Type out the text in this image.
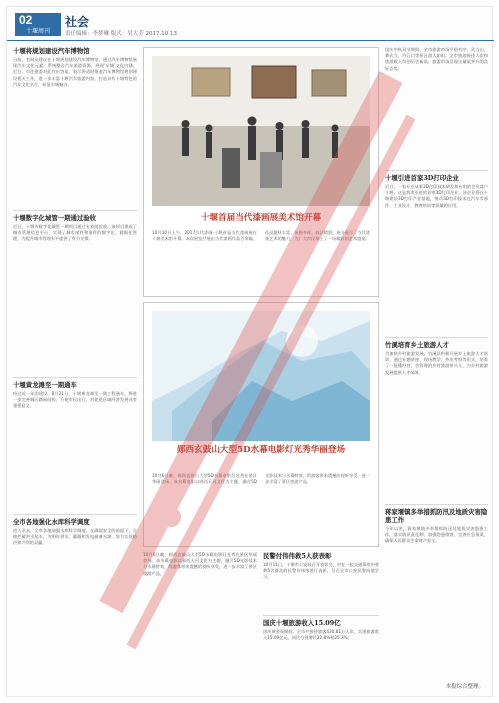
02
十堰周刊
社会
责任编辑：李梦琳 版式：吴大芳 2017.10.13
十堰将规划建设汽车博物馆
日前，有网友建议在十堰规划建设汽车博物馆，通过汽车博物馆展现汽车文化元素，系统整合汽车旅游资源，展现‘车城’文化内涵。近日，市住建委对此作出答复，表示将适时推进汽车博物馆规划建设相关工作，进一步丰富十堰汽车旅游内容，打造具有十堰特色的汽车文化名片，彰显车城魅力。
十堰数字化城管一期通过验收
近日，十堰市数字化城管一期项目通过专家组验收。该项目建成了城市管理信息平台，实现了城市部件和事件的数字化、精细化管理，为提升城市管理水平提供了有力支撑。
十堰黄龙滩至一期通车
经过近一年的建设，8月21日，十堰黄龙滩至一期工程通车，将进一步完善城区路网结构，方便市民出行，对促进区域经济发展具有重要意义。
全市各地强化水库科学调度
进入汛末，全市各地加强水库科学调度，在确保安全的前提下，合理拦蓄洪水尾水，为明年供水、灌溉和发电储备水源，努力实现防洪和兴利的双赢。
十堰首届当代漆画展美术馆开幕
10月10日上午，2017当代漆画·十堰首届当代漆画展在十堰美术馆开幕。本次展览共展出当代漆画作品百余幅，作品题材丰富、风格多样、技法精湛，充分展示了当代漆画艺术的魅力，为广大市民奉上了一场精彩的艺术盛宴。
郧西玄鼓山大型5D水幕电影灯光秀华丽登场
10月6日晚，郧西玄鼓山大型5D水幕电影灯光秀在景区华丽登场。该水幕电影以郧西天河文化为主题，融合5D光影技术与水幕特效，给游客带来震撼的视听享受，进一步丰富了景区夜游产品。
10月6日晚，郧西玄鼓山大型5D水幕电影灯光秀在景区华丽登场。该水幕电影以郧西天河文化为主题，融合5D光影技术与水幕特效，给游客带来震撼的视听享受，进一步丰富了景区夜游产品。
民警付伟伟救5人获表彰
10月11日，十堰市公安局召开表彰会，对在一起交通事故中勇救5名群众的民警付伟伟进行表彰，号召全市公安民警向他学习。
国庆十堰旅游收入15.09亿
国庆黄金周期间，全市共接待游客430.81万人次，实现旅游收入15.09亿元，同比分别增长22.8%和25.3%。
国庆中秋双节期间，全市旅游市场平稳有序，武当山、赛武当、丹江口等景区游人如织。全市旅游接待人次和旅游收入均创历史新高，旅游市场呈现出量质齐升的良好态势。
十堰引进首家3D打印企业
近日，一家专业从事3D打印技术研发和应用的企业落户十堰，这是我市引进的首家3D打印企业。该企业将在十堰建设3D打印产业基地，推动3D打印技术在汽车零部件、工业设计、教育培训等领域的应用。
竹溪培育乡土旅游人才
为加快乡村旅游发展，竹溪县积极开展乡土旅游人才培训，通过专题讲座、现场教学、外出考察等形式，培养了一批懂经营、会管理的乡村旅游带头人，为乡村旅游发展提供人才保障。
蒋家堰镇多举措抓防汛及地质灾害隐患工作
今年以来，蒋家堰镇多举措抓防汛及地质灾害隐患工作，落实防汛责任制，加强隐患排查，完善应急预案，确保人民群众生命财产安全。
本报综合整理。
